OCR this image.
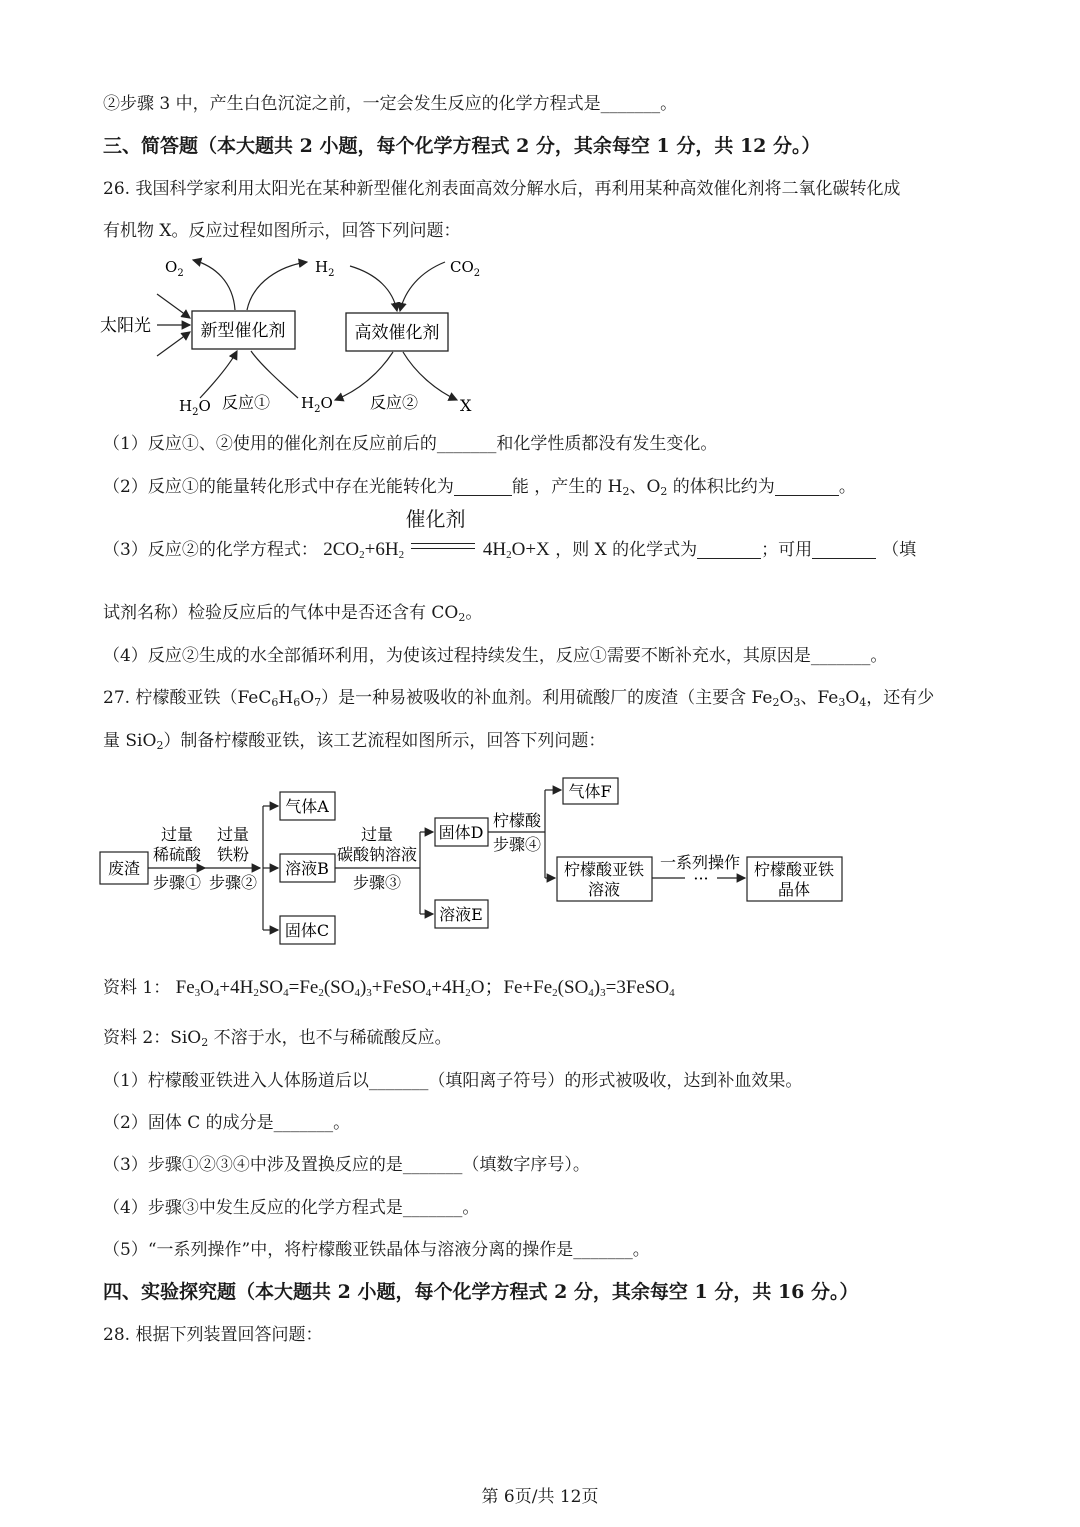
②步骤 3 中，产生白色沉淀之前，一定会发生反应的化学方程式是_______。
三、简答题（本大题共 2 小题，每个化学方程式 2 分，其余每空 1 分，共 12 分。）
26. 我国科学家利用太阳光在某种新型催化剂表面高效分解水后，再利用某种高效催化剂将二氧化碳转化成
有机物 X。反应过程如图所示，回答下列问题：
新型催化剂	高效催化剂
太阳光
$O_2$	$H_2$	$CO_2$
$H_2O$ 反应① $H_2O$ 反应②	X
（1）反应①、②使用的催化剂在反应前后的_______和化学性质都没有发生变化。
（2）反应①的能量转化形式中存在光能转化为	能 ，产生的 $H_2$、$O_2$ 的体积比约为	。
（3）反应②的化学方程式： $2CO_2+6H_2$
催化剂
$4H_2O+X$ ，则 X 的化学式为	；可用	（填
试剂名称）检验反应后的气体中是否还含有 $CO_2$。
（4）反应②生成的水全部循环利用，为使该过程持续发生，反应①需要不断补充水，其原因是_______。
27. 柠檬酸亚铁$(FeC_6H_6O_7)$是一种易被吸收的补血剂。利用硫酸厂的废渣（主要含 $Fe_2O_3$、$Fe_3O_4$，还有少
量 SiO$_2$）制备柠檬酸亚铁，该工艺流程如图所示，回答下列问题：
废渣
过量
稀硫酸
步骤①
过量
铁粉
步骤②
气体A
溶液B
固体C
过量
碳酸钠溶液
步骤③
固体D
溶液E
柠檬酸
步骤④
气体F
柠檬酸亚铁
溶液
···
一系列操作 柠檬酸亚铁
晶体
资料 1： $Fe_3O_4+4H_2SO_4=Fe_2(SO_4)_3+FeSO_4+4H_2O$；$Fe+Fe_2(SO_4)_3=3FeSO_4$
资料 2：SiO$_2$ 不溶于水，也不与稀硫酸反应。
（1）柠檬酸亚铁进入人体肠道后以_______（填阳离子符号）的形式被吸收，达到补血效果。
（2）固体 C 的成分是_______。
（3）步骤①②③④中涉及置换反应的是_______（填数字序号）。
（4）步骤③中发生反应的化学方程式是_______。
（5）“一系列操作”中，将柠檬酸亚铁晶体与溶液分离的操作是_______。
四、实验探究题（本大题共 2 小题，每个化学方程式 2 分，其余每空 1 分，共 16 分。）
28. 根据下列装置回答问题：
第 6页/共 12页
